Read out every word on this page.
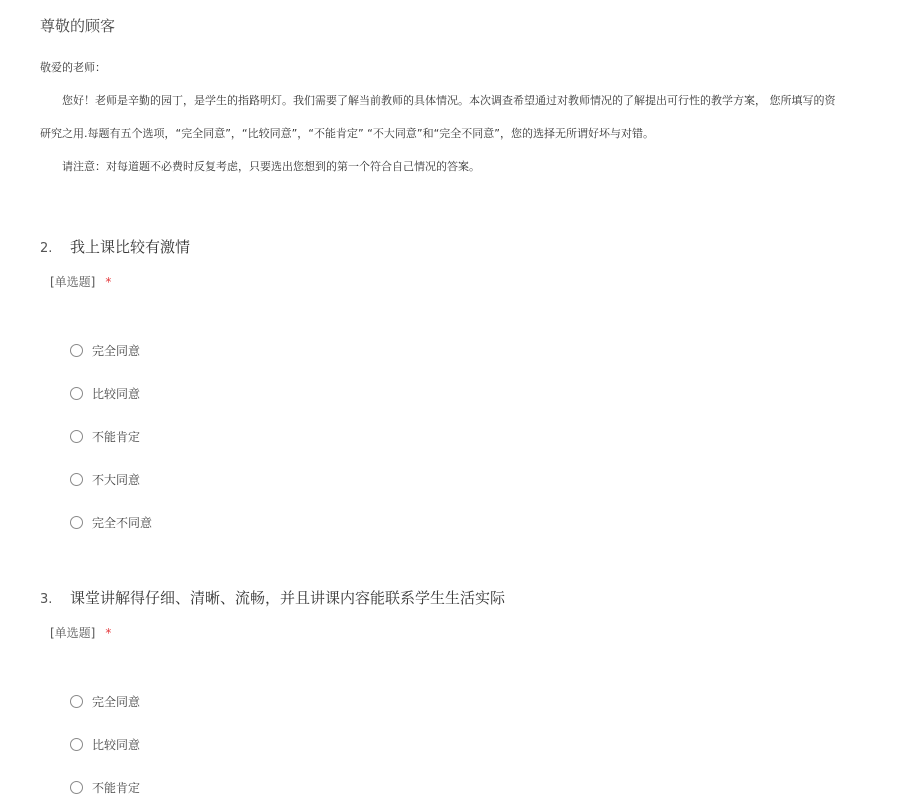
尊敬的顾客
敬爱的老师：
您好！老师是辛勤的园丁，是学生的指路明灯。我们需要了解当前教师的具体情况。本次调查希望通过对教师情况的了解提出可行性的教学方案， 您所填写的资
研究之用.每题有五个选项，“完全同意”，“比较同意”，“不能肯定” “不大同意”和“完全不同意”，您的选择无所谓好坏与对错。
请注意：对每道题不必费时反复考虑，只要选出您想到的第一个符合自己情况的答案。
2. 我上课比较有激情
[单选题] *
完全同意
比较同意
不能肯定
不大同意
完全不同意
3. 课堂讲解得仔细、清晰、流畅，并且讲课内容能联系学生生活实际
[单选题] *
完全同意
比较同意
不能肯定
